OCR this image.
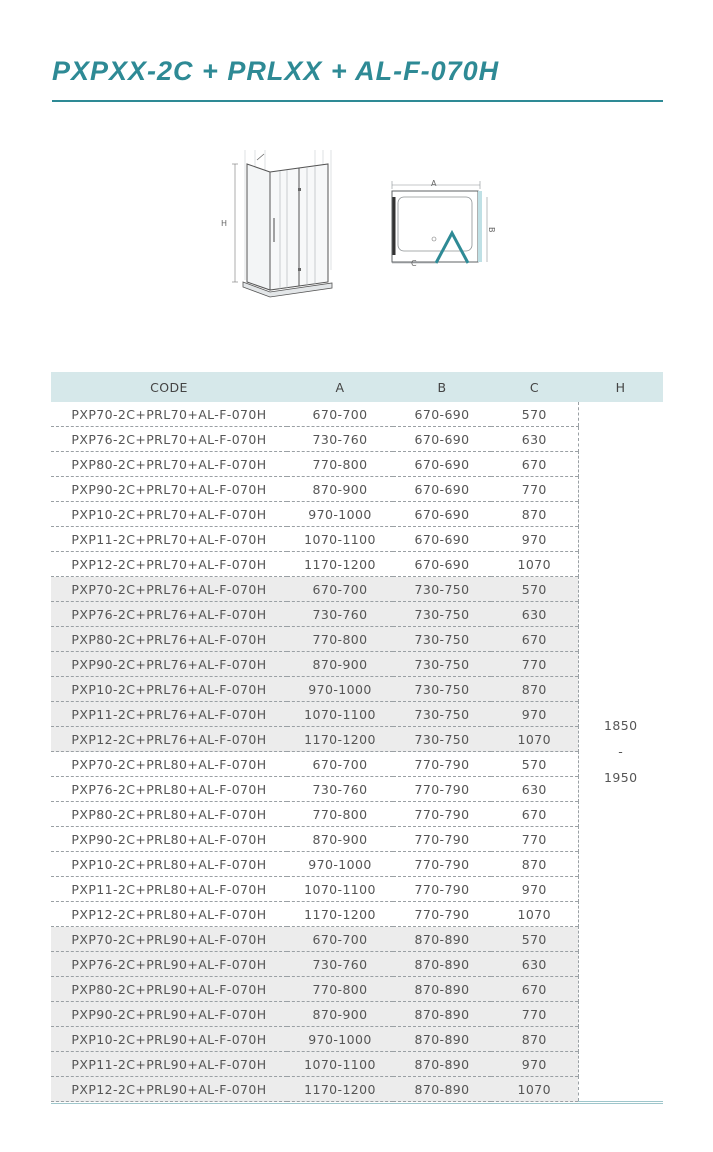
PXPXX-2C + PRLXX + AL-F-070H
H
A
B
C
CODE	A	B	C	H
PXP70-2C+PRL70+AL-F-070H	670-700	670-690	570	1850
-
1950

PXP76-2C+PRL70+AL-F-070H	730-760	670-690	630	
PXP80-2C+PRL70+AL-F-070H	770-800	670-690	670	
PXP90-2C+PRL70+AL-F-070H	870-900	670-690	770	
PXP10-2C+PRL70+AL-F-070H	970-1000	670-690	870	
PXP11-2C+PRL70+AL-F-070H	1070-1100	670-690	970	
PXP12-2C+PRL70+AL-F-070H	1170-1200	670-690	1070	
PXP70-2C+PRL76+AL-F-070H	670-700	730-750	570	
PXP76-2C+PRL76+AL-F-070H	730-760	730-750	630	
PXP80-2C+PRL76+AL-F-070H	770-800	730-750	670	
PXP90-2C+PRL76+AL-F-070H	870-900	730-750	770	
PXP10-2C+PRL76+AL-F-070H	970-1000	730-750	870	
PXP11-2C+PRL76+AL-F-070H	1070-1100	730-750	970	
PXP12-2C+PRL76+AL-F-070H	1170-1200	730-750	1070	
PXP70-2C+PRL80+AL-F-070H	670-700	770-790	570	
PXP76-2C+PRL80+AL-F-070H	730-760	770-790	630	
PXP80-2C+PRL80+AL-F-070H	770-800	770-790	670	
PXP90-2C+PRL80+AL-F-070H	870-900	770-790	770	
PXP10-2C+PRL80+AL-F-070H	970-1000	770-790	870	
PXP11-2C+PRL80+AL-F-070H	1070-1100	770-790	970	
PXP12-2C+PRL80+AL-F-070H	1170-1200	770-790	1070	
PXP70-2C+PRL90+AL-F-070H	670-700	870-890	570	
PXP76-2C+PRL90+AL-F-070H	730-760	870-890	630	
PXP80-2C+PRL90+AL-F-070H	770-800	870-890	670	
PXP90-2C+PRL90+AL-F-070H	870-900	870-890	770	
PXP10-2C+PRL90+AL-F-070H	970-1000	870-890	870	
PXP11-2C+PRL90+AL-F-070H	1070-1100	870-890	970	
PXP12-2C+PRL90+AL-F-070H	1170-1200	870-890	1070	
